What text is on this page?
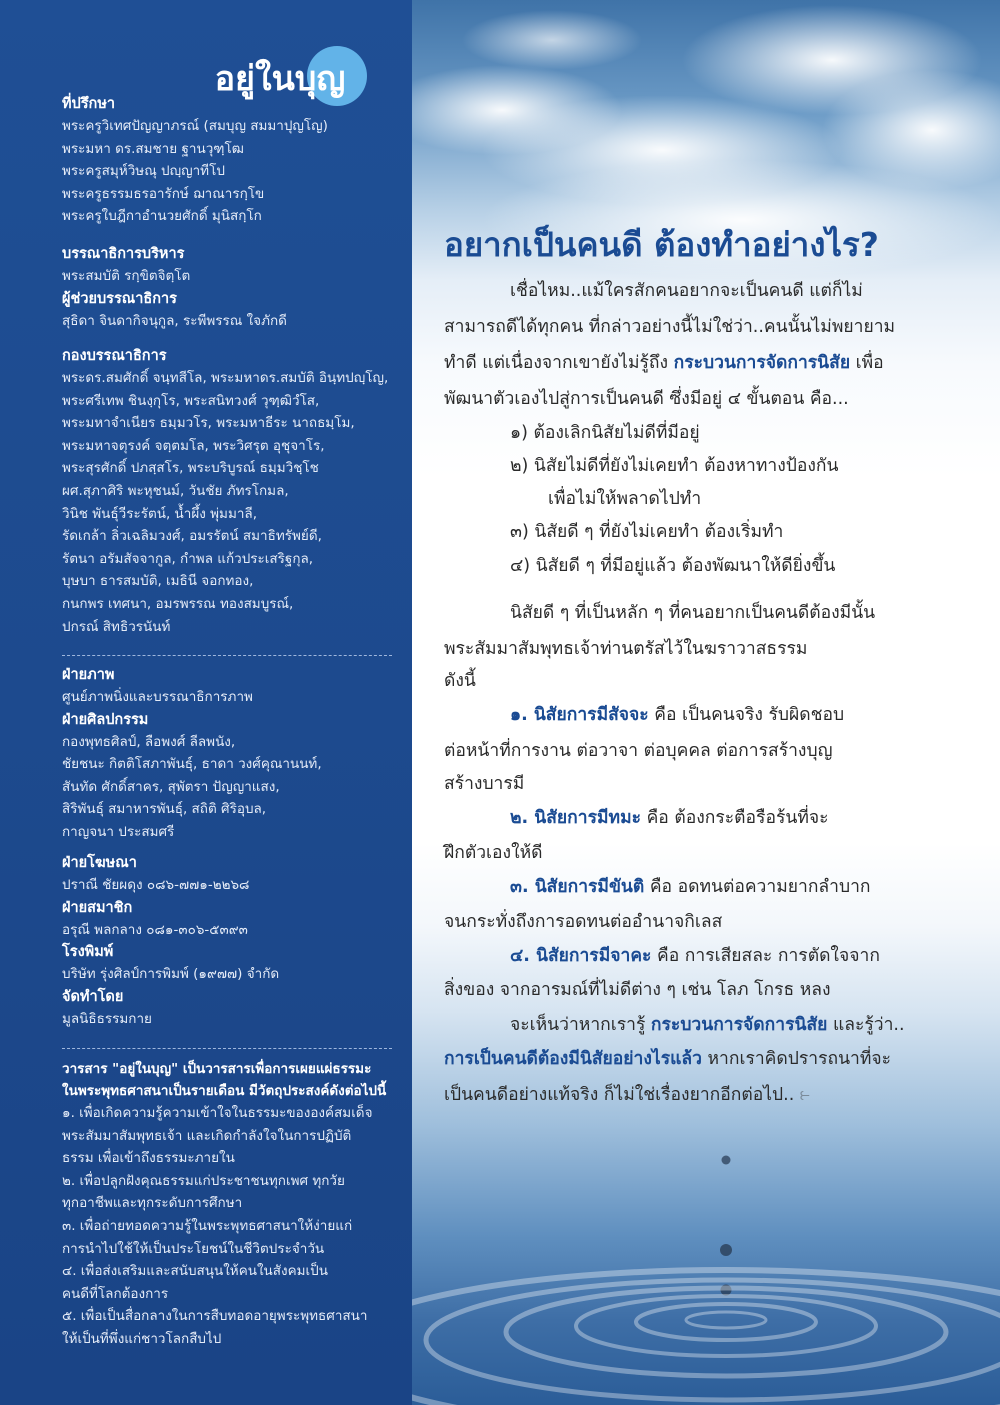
อยู่ในบุญ
ที่ปรึกษา
พระครูวิเทศปัญญาภรณ์ (สมบุญ สมมาปุญโญ)
พระมหา ดร.สมชาย ฐานวุฑฺโฒ
พระครูสมุห์วิษณุ ปญฺญาทีโป
พระครูธรรมธรอารักษ์ ฌาณารกฺโข
พระครูใบฎีกาอำนวยศักดิ์ มุนิสกฺโก
บรรณาธิการบริหาร
พระสมบัติ รกฺขิตจิตฺโต
ผู้ช่วยบรรณาธิการ
สุธิดา จินดากิจนุกูล, ระพีพรรณ ใจภักดี
กองบรรณาธิการ
พระดร.สมศักดิ์ จนฺทสีโล, พระมหาดร.สมบัติ อินฺทปญฺโญ,
พระศรีเทพ ชินงฺกุโร, พระสนิทวงศ์ วุฑฺฒิวํโส,
พระมหาจำเนียร ธมฺมวโร, พระมหาธีระ นาถธมฺโม,
พระมหาจตุรงค์ จตฺตมโล, พระวิศรุต อุชุจาโร,
พระสุรศักดิ์ ปภสฺสโร, พระบริบูรณ์ ธมฺมวิชฺโช
ผศ.สุภาศิริ พะหุชนม์, วันชัย ภัทรโกมล,
วินิช พันธุ์วีระรัตน์, น้ำผึ้ง พุ่มมาลี,
รัดเกล้า ลิ่วเฉลิมวงศ์, อมรรัตน์ สมาธิทรัพย์ดี,
รัตนา อรัมสัจจากูล, กำพล แก้วประเสริฐกุล,
บุษบา ธารสมบัติ, เมธินี จอกทอง,
กนกพร เทศนา, อมรพรรณ ทองสมบูรณ์,
ปกรณ์ สิทธิวรนันท์
ฝ่ายภาพ
ศูนย์ภาพนิ่งและบรรณาธิการภาพ
ฝ่ายศิลปกรรม
กองพุทธศิลป์, ลือพงศ์ ลีลพนัง,
ชัยชนะ กิตติโสภาพันธุ์, ธาดา วงศ์คุณานนท์,
สันทัด ศักดิ์สาคร, สุพัตรา ปัญญาแสง,
สิริพันธุ์ สมาหารพันธุ์, สถิติ ศิริอุบล,
กาญจนา ประสมศรี
ฝ่ายโฆษณา
ปราณี ชัยผดุง ๐๘๖-๗๗๑-๒๒๖๘
ฝ่ายสมาชิก
อรุณี พลกลาง ๐๘๑-๓๐๖-๕๓๙๓
โรงพิมพ์
บริษัท รุ่งศิลป์การพิมพ์ (๑๙๗๗) จำกัด
จัดทำโดย
มูลนิธิธรรมกาย
วารสาร "อยู่ในบุญ" เป็นวารสารเพื่อการเผยแผ่ธรรมะ
ในพระพุทธศาสนาเป็นรายเดือน มีวัตถุประสงค์ดังต่อไปนี้
๑. เพื่อเกิดความรู้ความเข้าใจในธรรมะขององค์สมเด็จ
พระสัมมาสัมพุทธเจ้า และเกิดกำลังใจในการปฏิบัติ
ธรรม เพื่อเข้าถึงธรรมะภายใน
๒. เพื่อปลูกฝังคุณธรรมแก่ประชาชนทุกเพศ ทุกวัย
ทุกอาชีพและทุกระดับการศึกษา
๓. เพื่อถ่ายทอดความรู้ในพระพุทธศาสนาให้ง่ายแก่
การนำไปใช้ให้เป็นประโยชน์ในชีวิตประจำวัน
๔. เพื่อส่งเสริมและสนับสนุนให้คนในสังคมเป็น
คนดีที่โลกต้องการ
๕. เพื่อเป็นสื่อกลางในการสืบทอดอายุพระพุทธศาสนา
ให้เป็นที่พึ่งแก่ชาวโลกสืบไป
อยากเป็นคนดี ต้องทำอย่างไร?
เชื่อไหม..แม้ใครสักคนอยากจะเป็นคนดี แต่ก็ไม่
สามารถดีได้ทุกคน ที่กล่าวอย่างนี้ไม่ใช่ว่า..คนนั้นไม่พยายาม
ทำดี แต่เนื่องจากเขายังไม่รู้ถึง กระบวนการจัดการนิสัย เพื่อ
พัฒนาตัวเองไปสู่การเป็นคนดี ซึ่งมีอยู่ ๔ ขั้นตอน คือ...
๑) ต้องเลิกนิสัยไม่ดีที่มีอยู่
๒) นิสัยไม่ดีที่ยังไม่เคยทำ ต้องหาทางป้องกัน
เพื่อไม่ให้พลาดไปทำ
๓) นิสัยดี ๆ ที่ยังไม่เคยทำ ต้องเริ่มทำ
๔) นิสัยดี ๆ ที่มีอยู่แล้ว ต้องพัฒนาให้ดียิ่งขึ้น
นิสัยดี ๆ ที่เป็นหลัก ๆ ที่คนอยากเป็นคนดีต้องมีนั้น
พระสัมมาสัมพุทธเจ้าท่านตรัสไว้ในฆราวาสธรรม
ดังนี้
๑. นิสัยการมีสัจจะ คือ เป็นคนจริง รับผิดชอบ
ต่อหน้าที่การงาน ต่อวาจา ต่อบุคคล ต่อการสร้างบุญ
สร้างบารมี
๒. นิสัยการมีทมะ คือ ต้องกระตือรือร้นที่จะ
ฝึกตัวเองให้ดี
๓. นิสัยการมีขันติ คือ อดทนต่อความยากลำบาก
จนกระทั่งถึงการอดทนต่ออำนาจกิเลส
๔. นิสัยการมีจาคะ คือ การเสียสละ การตัดใจจาก
สิ่งของ จากอารมณ์ที่ไม่ดีต่าง ๆ เช่น โลภ โกรธ หลง
จะเห็นว่าหากเรารู้ กระบวนการจัดการนิสัย และรู้ว่า..
การเป็นคนดีต้องมีนิสัยอย่างไรแล้ว หากเราคิดปรารถนาที่จะ
เป็นคนดีอย่างแท้จริง ก็ไม่ใช่เรื่องยากอีกต่อไป.. ⥼
